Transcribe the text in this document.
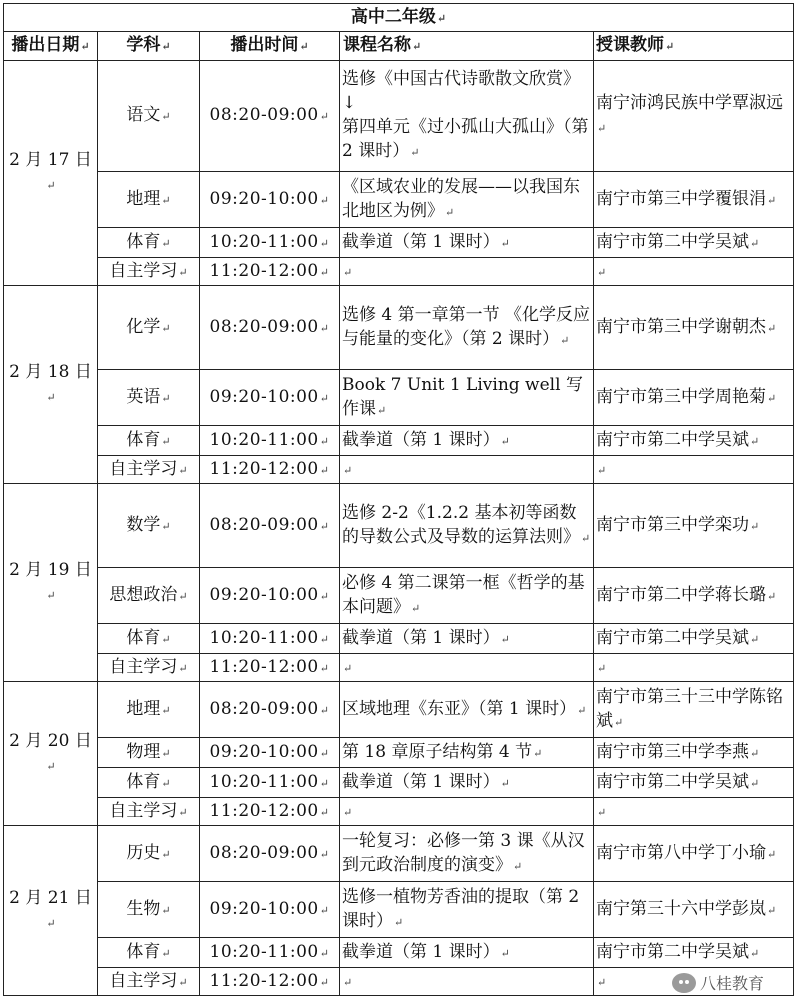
高中二年级↵				
播出日期↵	学科↵	播出时间↵	课程名称↵	授课教师↵
2 月 17 日↵	语文↵	08:20-09:00↵	选修《中国古代诗歌散文欣赏》↓
第四单元《过小孤山大孤山》（第 2 课时）↵	南宁沛鸿民族中学覃淑远↵
	地理↵	09:20-10:00↵	《区域农业的发展——以我国东北地区为例》↵	南宁市第三中学覆银涓↵
	体育↵	10:20-11:00↵	截拳道（第 1 课时）↵	南宁市第二中学吴斌↵
	自主学习↵	11:20-12:00↵	↵	↵
2 月 18 日↵	化学↵	08:20-09:00↵	选修 4 第一章第一节 《化学反应与能量的变化》（第 2 课时）↵	南宁市第三中学谢朝杰↵
	英语↵	09:20-10:00↵	Book 7 Unit 1 Living well 写作课↵	南宁市第三中学周艳菊↵
	体育↵	10:20-11:00↵	截拳道（第 1 课时）↵	南宁市第二中学吴斌↵
	自主学习↵	11:20-12:00↵	↵	↵
2 月 19 日↵	数学↵	08:20-09:00↵	选修 2-2《1.2.2 基本初等函数的导数公式及导数的运算法则》↵	南宁市第三中学栾功↵
	思想政治↵	09:20-10:00↵	必修 4 第二课第一框《哲学的基本问题》↵	南宁市第二中学蒋长璐↵
	体育↵	10:20-11:00↵	截拳道（第 1 课时）↵	南宁市第二中学吴斌↵
	自主学习↵	11:20-12:00↵	↵	↵
2 月 20 日↵	地理↵	08:20-09:00↵	区域地理《东亚》（第 1 课时）↵	南宁市第三十三中学陈铭斌↵
	物理↵	09:20-10:00↵	第 18 章原子结构第 4 节↵	南宁市第三中学李燕↵
	体育↵	10:20-11:00↵	截拳道（第 1 课时）↵	南宁市第二中学吴斌↵
	自主学习↵	11:20-12:00↵	↵	↵
2 月 21 日↵	历史↵	08:20-09:00↵	一轮复习：必修一第 3 课《从汉到元政治制度的演变》↵	南宁市第八中学丁小瑜↵
	生物↵	09:20-10:00↵	选修一植物芳香油的提取（第 2 课时）↵	南宁第三十六中学彭岚↵
	体育↵	10:20-11:00↵	截拳道（第 1 课时）↵	南宁市第二中学吴斌↵
	自主学习↵	11:20-12:00↵	↵	↵	八桂教育
